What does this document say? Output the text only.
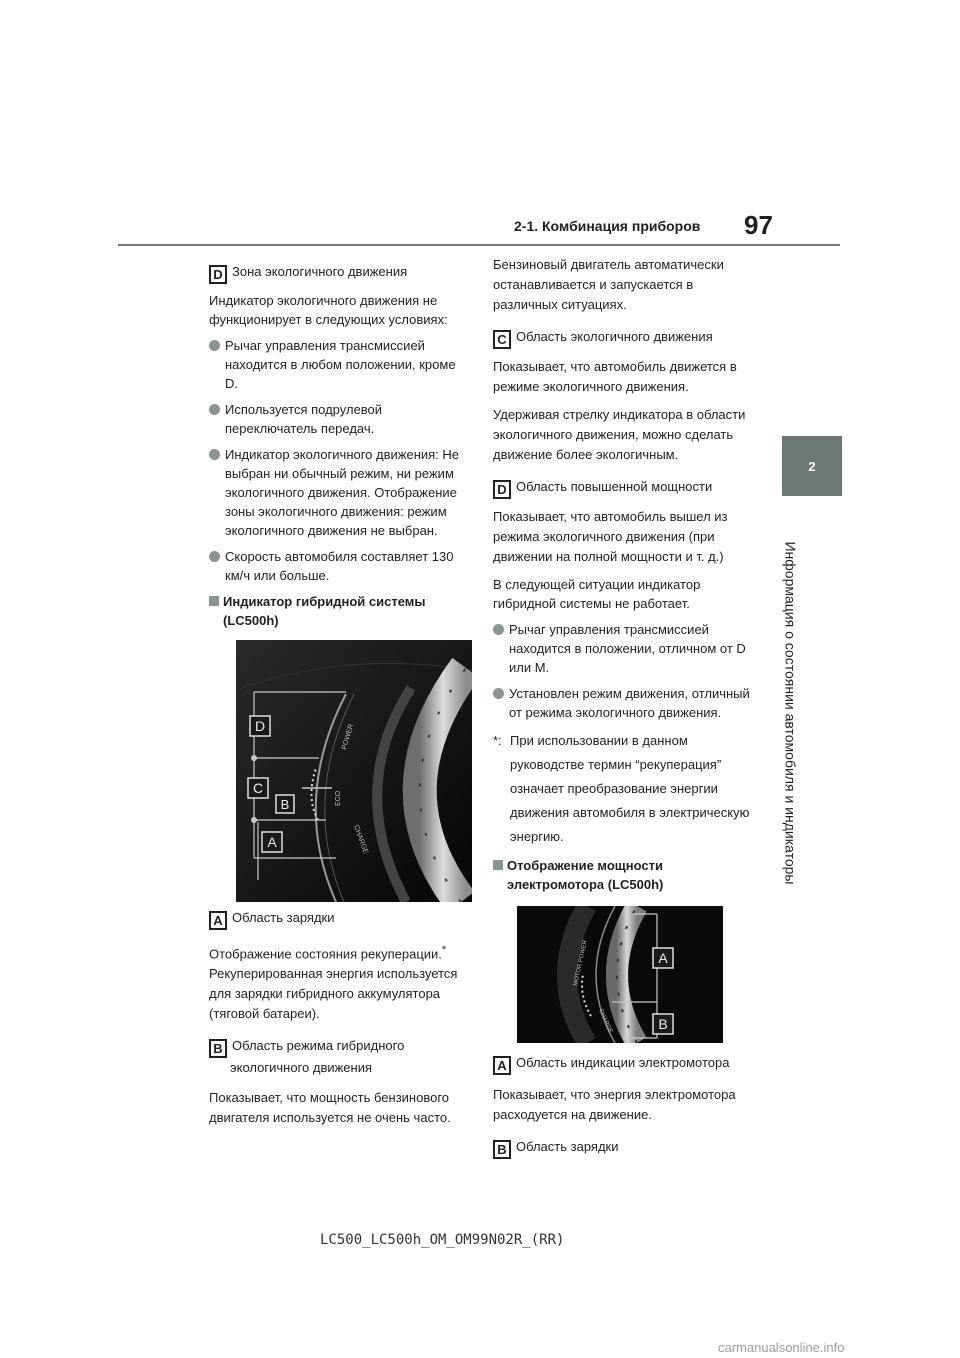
97
2-1. Комбинация приборов
2
Информация о состоянии автомобиля и индикаторы

D Зона экологичного движения

Индикатор экологичного движения не функционирует в следующих условиях:

Рычаг управления трансмиссией находится в любом положении, кроме D.
Используется подрулевой переключатель передач.
Индикатор экологичного движения: Не выбран ни обычный режим, ни режим экологичного движения. Отображение зоны экологичного движения: режим экологичного движения не выбран.
Скорость автомобиля составляет 130 км/ч или больше.
Индикатор гибридной системы (LC500h)
D
C
B
A
POWER
ECO
CHARGE

A Область зарядки

Отображение состояния рекуперации.* Рекуперированная энергия используется для зарядки гибридного аккумулятора (тяговой батареи).

B Область режима гибридного экологичного движения

Показывает, что мощность бензинового двигателя используется не очень часто.

Бензиновый двигатель автоматически останавливается и запускается в различных ситуациях.

C Область экологичного движения

Показывает, что автомобиль движется в режиме экологичного движения.

Удерживая стрелку индикатора в области экологичного движения, можно сделать движение более экологичным.

D Область повышенной мощности

Показывает, что автомобиль вышел из режима экологичного движения (при движении на полной мощности и т. д.)

В следующей ситуации индикатор гибридной системы не работает.

Рычаг управления трансмиссией находится в положении, отличном от D или M.
Установлен режим движения, отличный от режима экологичного движения.
*: При использовании в данном руководстве термин “рекуперация” означает преобразование энергии движения автомобиля в электрическую энергию.
Отображение мощности электромотора (LC500h)
A
B
MOTOR POWER
CHARGE

A Область индикации электромотора

Показывает, что энергия электромотора расходуется на движение.

B Область зарядки

LC500_LC500h_OM_OM99N02R_(RR)
carmanualsonline.info
